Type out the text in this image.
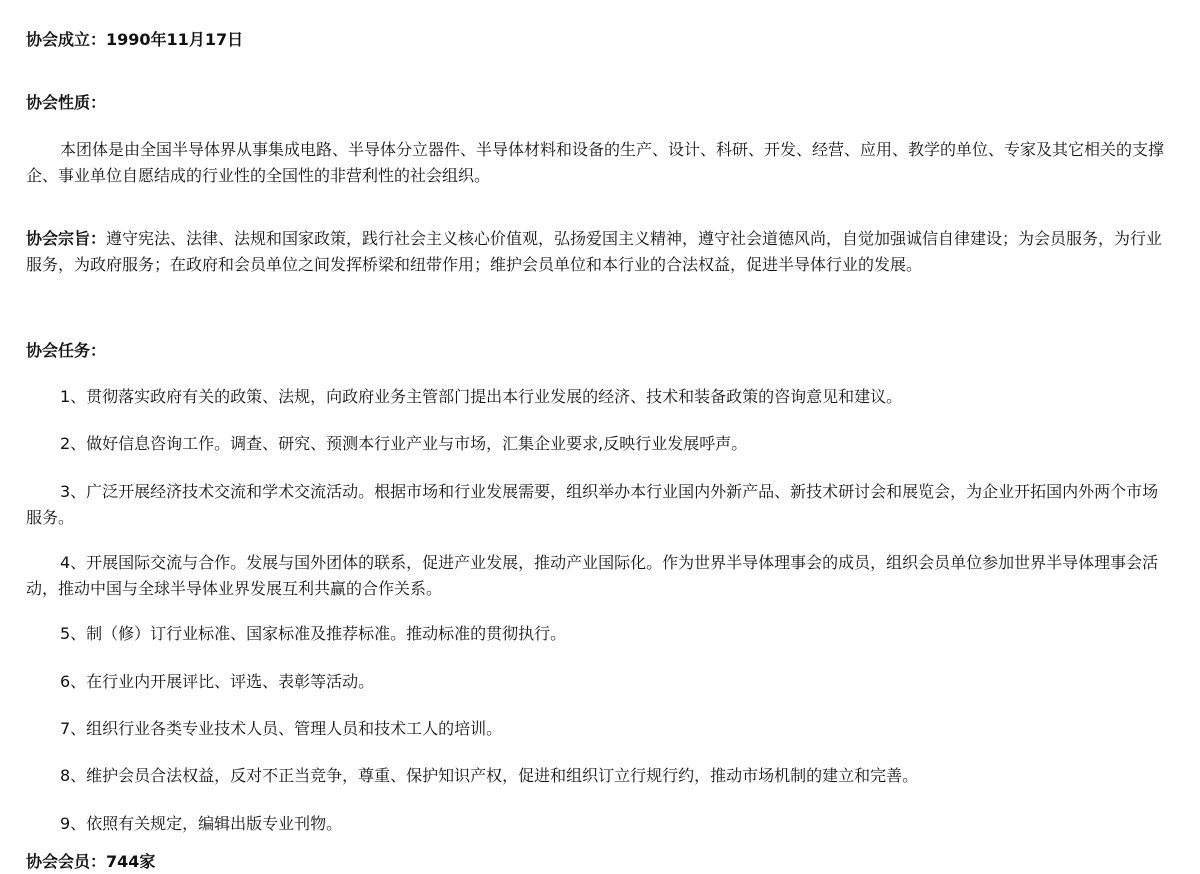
协会成立：1990年11月17日
协会性质：
本团体是由全国半导体界从事集成电路、半导体分立器件、半导体材料和设备的生产、设计、科研、开发、经营、应用、教学的单位、专家及其它相关的支撑企、事业单位自愿结成的行业性的全国性的非营利性的社会组织。
协会宗旨：遵守宪法、法律、法规和国家政策，践行社会主义核心价值观，弘扬爱国主义精神，遵守社会道德风尚，自觉加强诚信自律建设；为会员服务，为行业服务，为政府服务；在政府和会员单位之间发挥桥梁和纽带作用；维护会员单位和本行业的合法权益，促进半导体行业的发展。
协会任务：
1、贯彻落实政府有关的政策、法规，向政府业务主管部门提出本行业发展的经济、技术和装备政策的咨询意见和建议。
2、做好信息咨询工作。调查、研究、预测本行业产业与市场，汇集企业要求,反映行业发展呼声。
3、广泛开展经济技术交流和学术交流活动。根据市场和行业发展需要，组织举办本行业国内外新产品、新技术研讨会和展览会，为企业开拓国内外两个市场服务。
4、开展国际交流与合作。发展与国外团体的联系，促进产业发展，推动产业国际化。作为世界半导体理事会的成员，组织会员单位参加世界半导体理事会活动，推动中国与全球半导体业界发展互利共赢的合作关系。
5、制（修）订行业标准、国家标准及推荐标准。推动标准的贯彻执行。
6、在行业内开展评比、评选、表彰等活动。
7、组织行业各类专业技术人员、管理人员和技术工人的培训。
8、维护会员合法权益，反对不正当竞争，尊重、保护知识产权，促进和组织订立行规行约，推动市场机制的建立和完善。
9、依照有关规定，编辑出版专业刊物。
协会会员：744家
